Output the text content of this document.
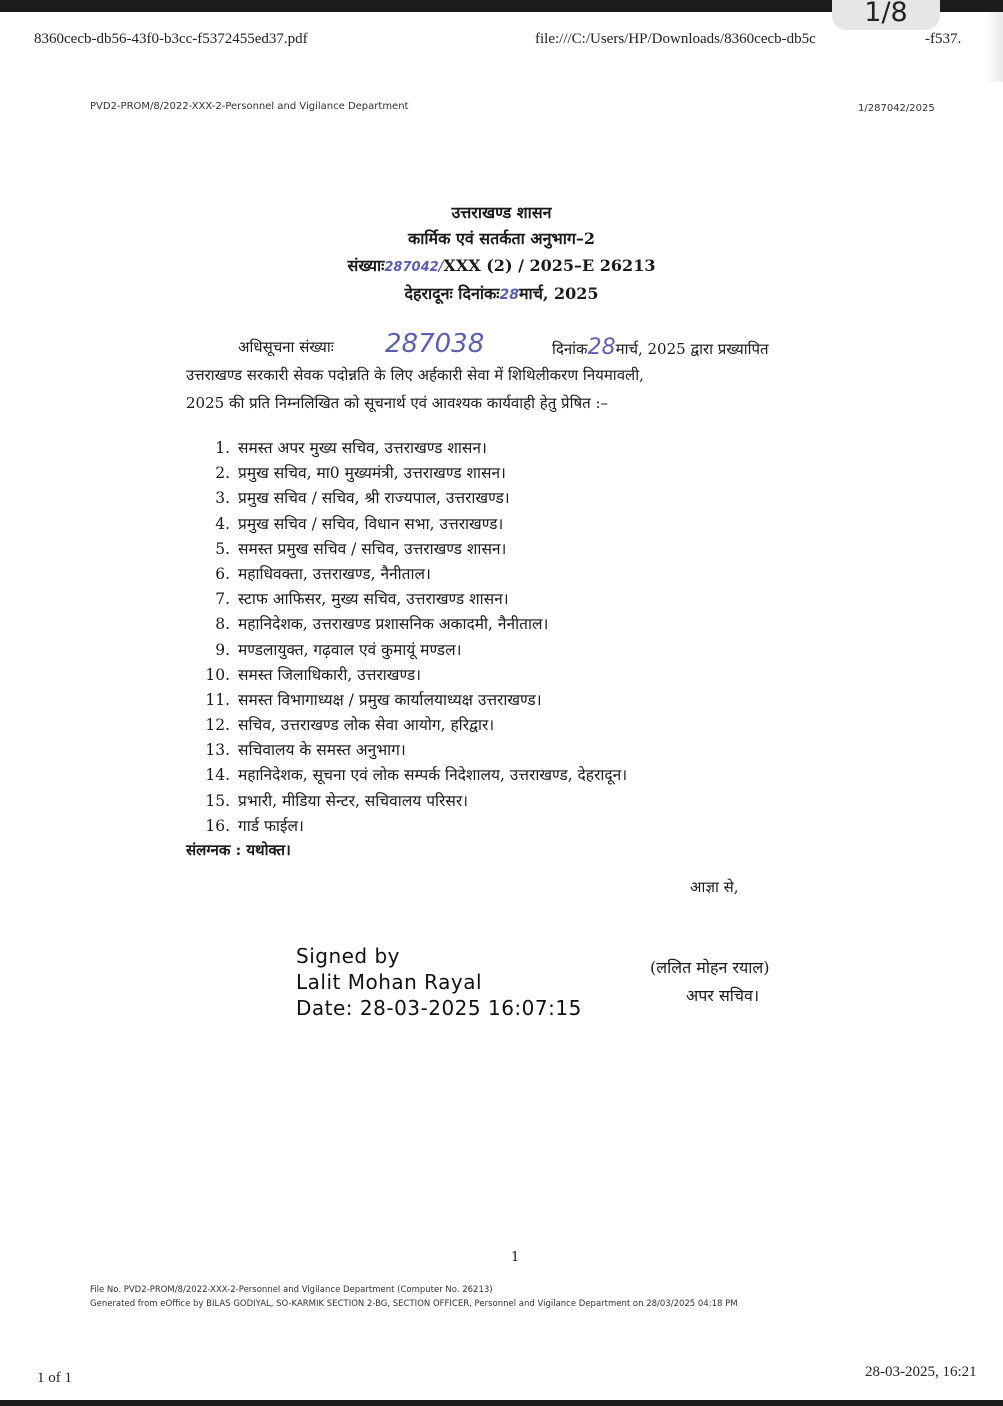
1/8
8360cecb-db56-43f0-b3cc-f5372455ed37.pdf	file:///C:/Users/HP/Downloads/8360cecb-db5c	-f537.
PVD2-PROM/8/2022-XXX-2-Personnel and Vigilance Department	1/287042/2025
उत्तराखण्ड शासन
कार्मिक एवं सतर्कता अनुभाग–2
संख्याः287042/XXX (2) / 2025–E 26213
देहरादूनः दिनांकः28मार्च, 2025
अधिसूचना संख्याः 287038	दिनांक28मार्च, 2025 द्वारा प्रख्यापित
उत्तराखण्ड सरकारी सेवक पदोन्नति के लिए अर्हकारी सेवा में शिथिलीकरण नियमावली,
2025 की प्रति निम्नलिखित को सूचनार्थ एवं आवश्यक कार्यवाही हेतु प्रेषित :–
1. समस्त अपर मुख्य सचिव, उत्तराखण्ड शासन।
2. प्रमुख सचिव, मा0 मुख्यमंत्री, उत्तराखण्ड शासन।
3. प्रमुख सचिव / सचिव, श्री राज्यपाल, उत्तराखण्ड।
4. प्रमुख सचिव / सचिव, विधान सभा, उत्तराखण्ड।
5. समस्त प्रमुख सचिव / सचिव, उत्तराखण्ड शासन।
6. महाधिवक्ता, उत्तराखण्ड, नैनीताल।
7. स्टाफ आफिसर, मुख्य सचिव, उत्तराखण्ड शासन।
8. महानिदेशक, उत्तराखण्ड प्रशासनिक अकादमी, नैनीताल।
9. मण्डलायुक्त, गढ़वाल एवं कुमायूं मण्डल।
10. समस्त जिलाधिकारी, उत्तराखण्ड।
11. समस्त विभागाध्यक्ष / प्रमुख कार्यालयाध्यक्ष उत्तराखण्ड।
12. सचिव, उत्तराखण्ड लोक सेवा आयोग, हरिद्वार।
13. सचिवालय के समस्त अनुभाग।
14. महानिदेशक, सूचना एवं लोक सम्पर्क निदेशालय, उत्तराखण्ड, देहरादून।
15. प्रभारी, मीडिया सेन्टर, सचिवालय परिसर।
16. गार्ड फाईल।
संलग्नक : यथोक्त।
आज्ञा से,
Signed by
Lalit Mohan Rayal
Date: 28-03-2025 16:07:15
(ललित मोहन रयाल)
अपर सचिव।
1
File No. PVD2-PROM/8/2022-XXX-2-Personnel and Vigilance Department (Computer No. 26213)
Generated from eOffice by BILAS GODIYAL, SO-KARMIK SECTION 2-BG, SECTION OFFICER, Personnel and Vigilance Department on 28/03/2025 04:18 PM
1 of 1	28-03-2025, 16:21
